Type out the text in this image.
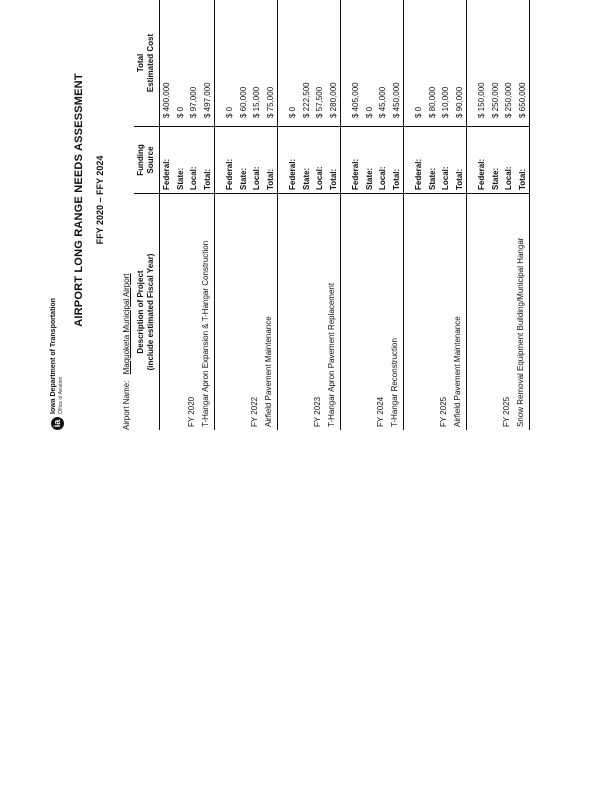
ia
Iowa Department of Transportation Office of Aviation
AIRPORT LONG RANGE NEEDS ASSESSMENT FFY 2020 – FFY 2024
Airport Name: Maquoketa Municipal Airport Description of Project
(include estimated Fiscal Year)	Funding
Source	Total
Estimated Cost

	Federal:	$ 400,000
	State:	$ 0

FY 2020	Local:	$ 97,000

T-Hangar Apron Expansion & T-Hangar Construction	Total:	$ 497,000

	Federal:	$ 0
	State:	$ 60,000

FY 2022	Local:	$ 15,000

Airfield Pavement Maintenance	Total:	$ 75,000

	Federal:	$ 0
	State:	$ 222,500

FY 2023	Local:	$ 57,500

T-Hangar Apron Pavement Replacement	Total:	$ 280,000

	Federal:	$ 405,000
	State:	$ 0

FY 2024	Local:	$ 45,000

T-Hangar Reconstruction	Total:	$ 450,000

	Federal:	$ 0
	State:	$ 80,000

FY 2025	Local:	$ 10,000

Airfield Pavement Maintenance	Total:	$ 90,000

	Federal:	$ 150,000
	State:	$ 250,000

FY 2025	Local:	$ 250,000

Snow Removal Equipment Building/Municipal Hangar	Total:	$ 650,000
